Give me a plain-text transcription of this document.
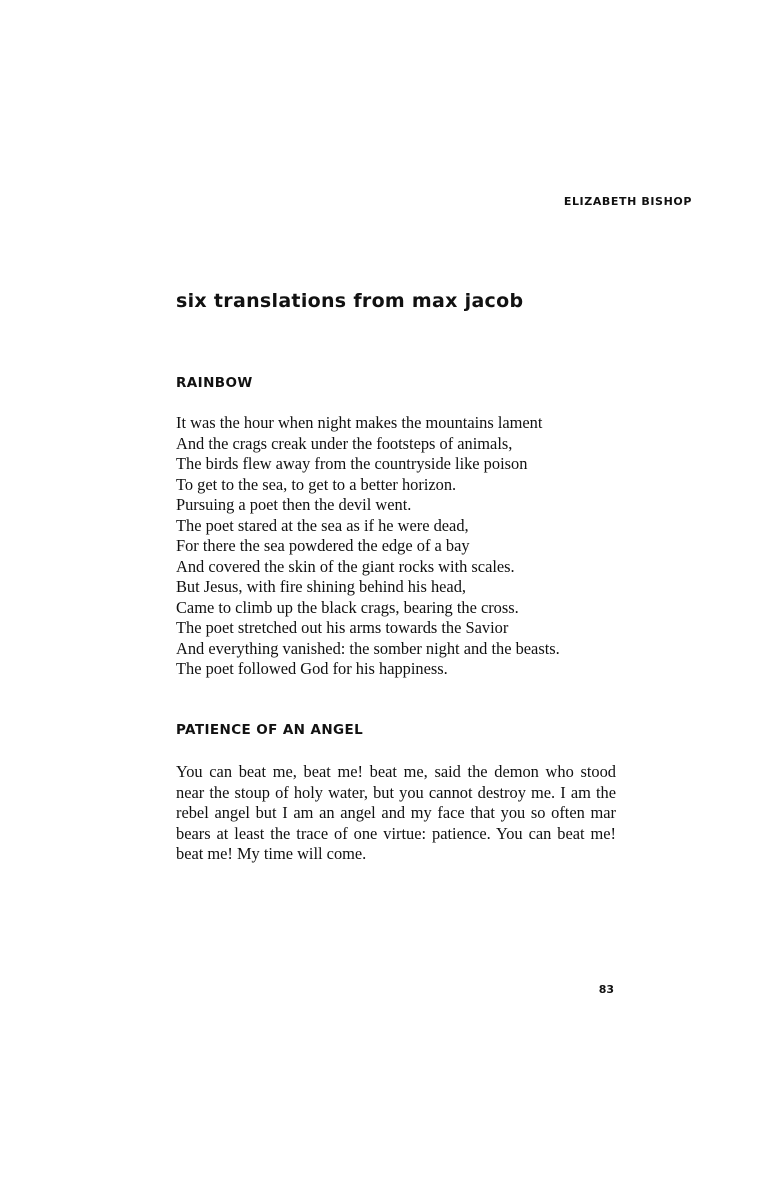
ELIZABETH BISHOP
six translations from max jacob
RAINBOW
It was the hour when night makes the mountains lament
And the crags creak under the footsteps of animals,
The birds flew away from the countryside like poison
To get to the sea, to get to a better horizon.
Pursuing a poet then the devil went.
The poet stared at the sea as if he were dead,
For there the sea powdered the edge of a bay
And covered the skin of the giant rocks with scales.
But Jesus, with fire shining behind his head,
Came to climb up the black crags, bearing the cross.
The poet stretched out his arms towards the Savior
And everything vanished: the somber night and the beasts.
The poet followed God for his happiness.
PATIENCE OF AN ANGEL

You can beat me, beat me! beat me, said the demon who stood near the stoup of holy water, but you cannot destroy me. I am the rebel angel but I am an angel and my face that you so often mar bears at least the trace of one virtue: patience. You can beat me! beat me! My time will come.

83
